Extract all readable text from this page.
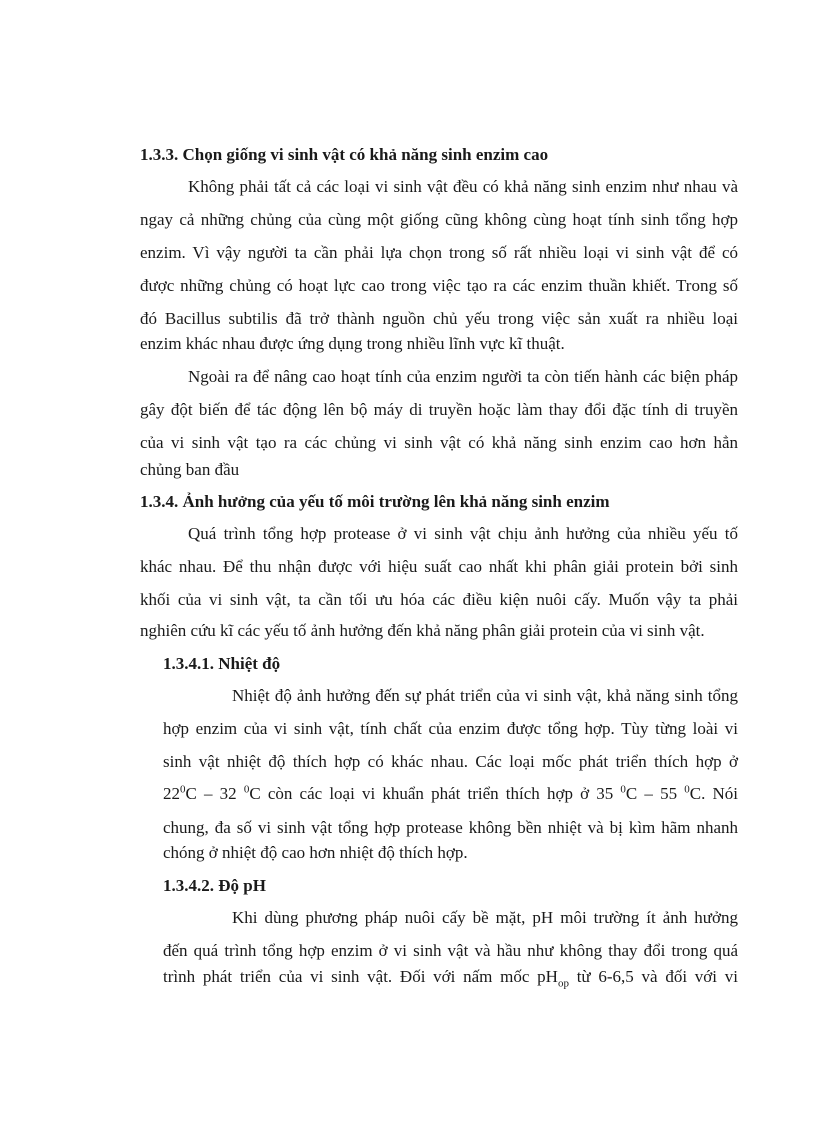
1.3.3. Chọn giống vi sinh vật có khả năng sinh enzim cao
Không phải tất cả các loại vi sinh vật đều có khả năng sinh enzim như nhau và
ngay cả những chủng của cùng một giống cũng không cùng hoạt tính sinh tổng hợp
enzim. Vì vậy người ta cần phải lựa chọn trong số rất nhiều loại vi sinh vật để có
được những chủng có hoạt lực cao trong việc tạo ra các enzim thuần khiết. Trong số
đó Bacillus subtilis đã trở thành nguồn chủ yếu trong việc sản xuất ra nhiều loại
enzim khác nhau được ứng dụng trong nhiều lĩnh vực kĩ thuật.
Ngoài ra để nâng cao hoạt tính của enzim người ta còn tiến hành các biện pháp
gây đột biến để tác động lên bộ máy di truyền hoặc làm thay đổi đặc tính di truyền
của vi sinh vật tạo ra các chủng vi sinh vật có khả năng sinh enzim cao hơn hẳn
chủng ban đầu
1.3.4. Ảnh hưởng của yếu tố môi trường lên khả năng sinh enzim
Quá trình tổng hợp protease ở vi sinh vật chịu ảnh hưởng của nhiều yếu tố
khác nhau. Để thu nhận được với hiệu suất cao nhất khi phân giải protein bởi sinh
khối của vi sinh vật, ta cần tối ưu hóa các điều kiện nuôi cấy. Muốn vậy ta phải
nghiên cứu kĩ các yếu tố ảnh hưởng đến khả năng phân giải protein của vi sinh vật.
1.3.4.1. Nhiệt độ
Nhiệt độ ảnh hưởng đến sự phát triển của vi sinh vật, khả năng sinh tổng
hợp enzim của vi sinh vật, tính chất của enzim được tổng hợp. Tùy từng loài vi
sinh vật nhiệt độ thích hợp có khác nhau. Các loại mốc phát triển thích hợp ở
$22^0C - 32$ $^0$C còn các loại vi khuẩn phát triển thích hợp ở 35 $^0$C – 55 $^0$C. Nói
chung, đa số vi sinh vật tổng hợp protease không bền nhiệt và bị kìm hãm nhanh
chóng ở nhiệt độ cao hơn nhiệt độ thích hợp.
1.3.4.2. Độ pH
Khi dùng phương pháp nuôi cấy bề mặt, pH môi trường ít ảnh hưởng
đến quá trình tổng hợp enzim ở vi sinh vật và hầu như không thay đổi trong quá
trình phát triển của vi sinh vật. Đối với nấm mốc $pH_{op}$ từ 6-6,5 và đối với vi
